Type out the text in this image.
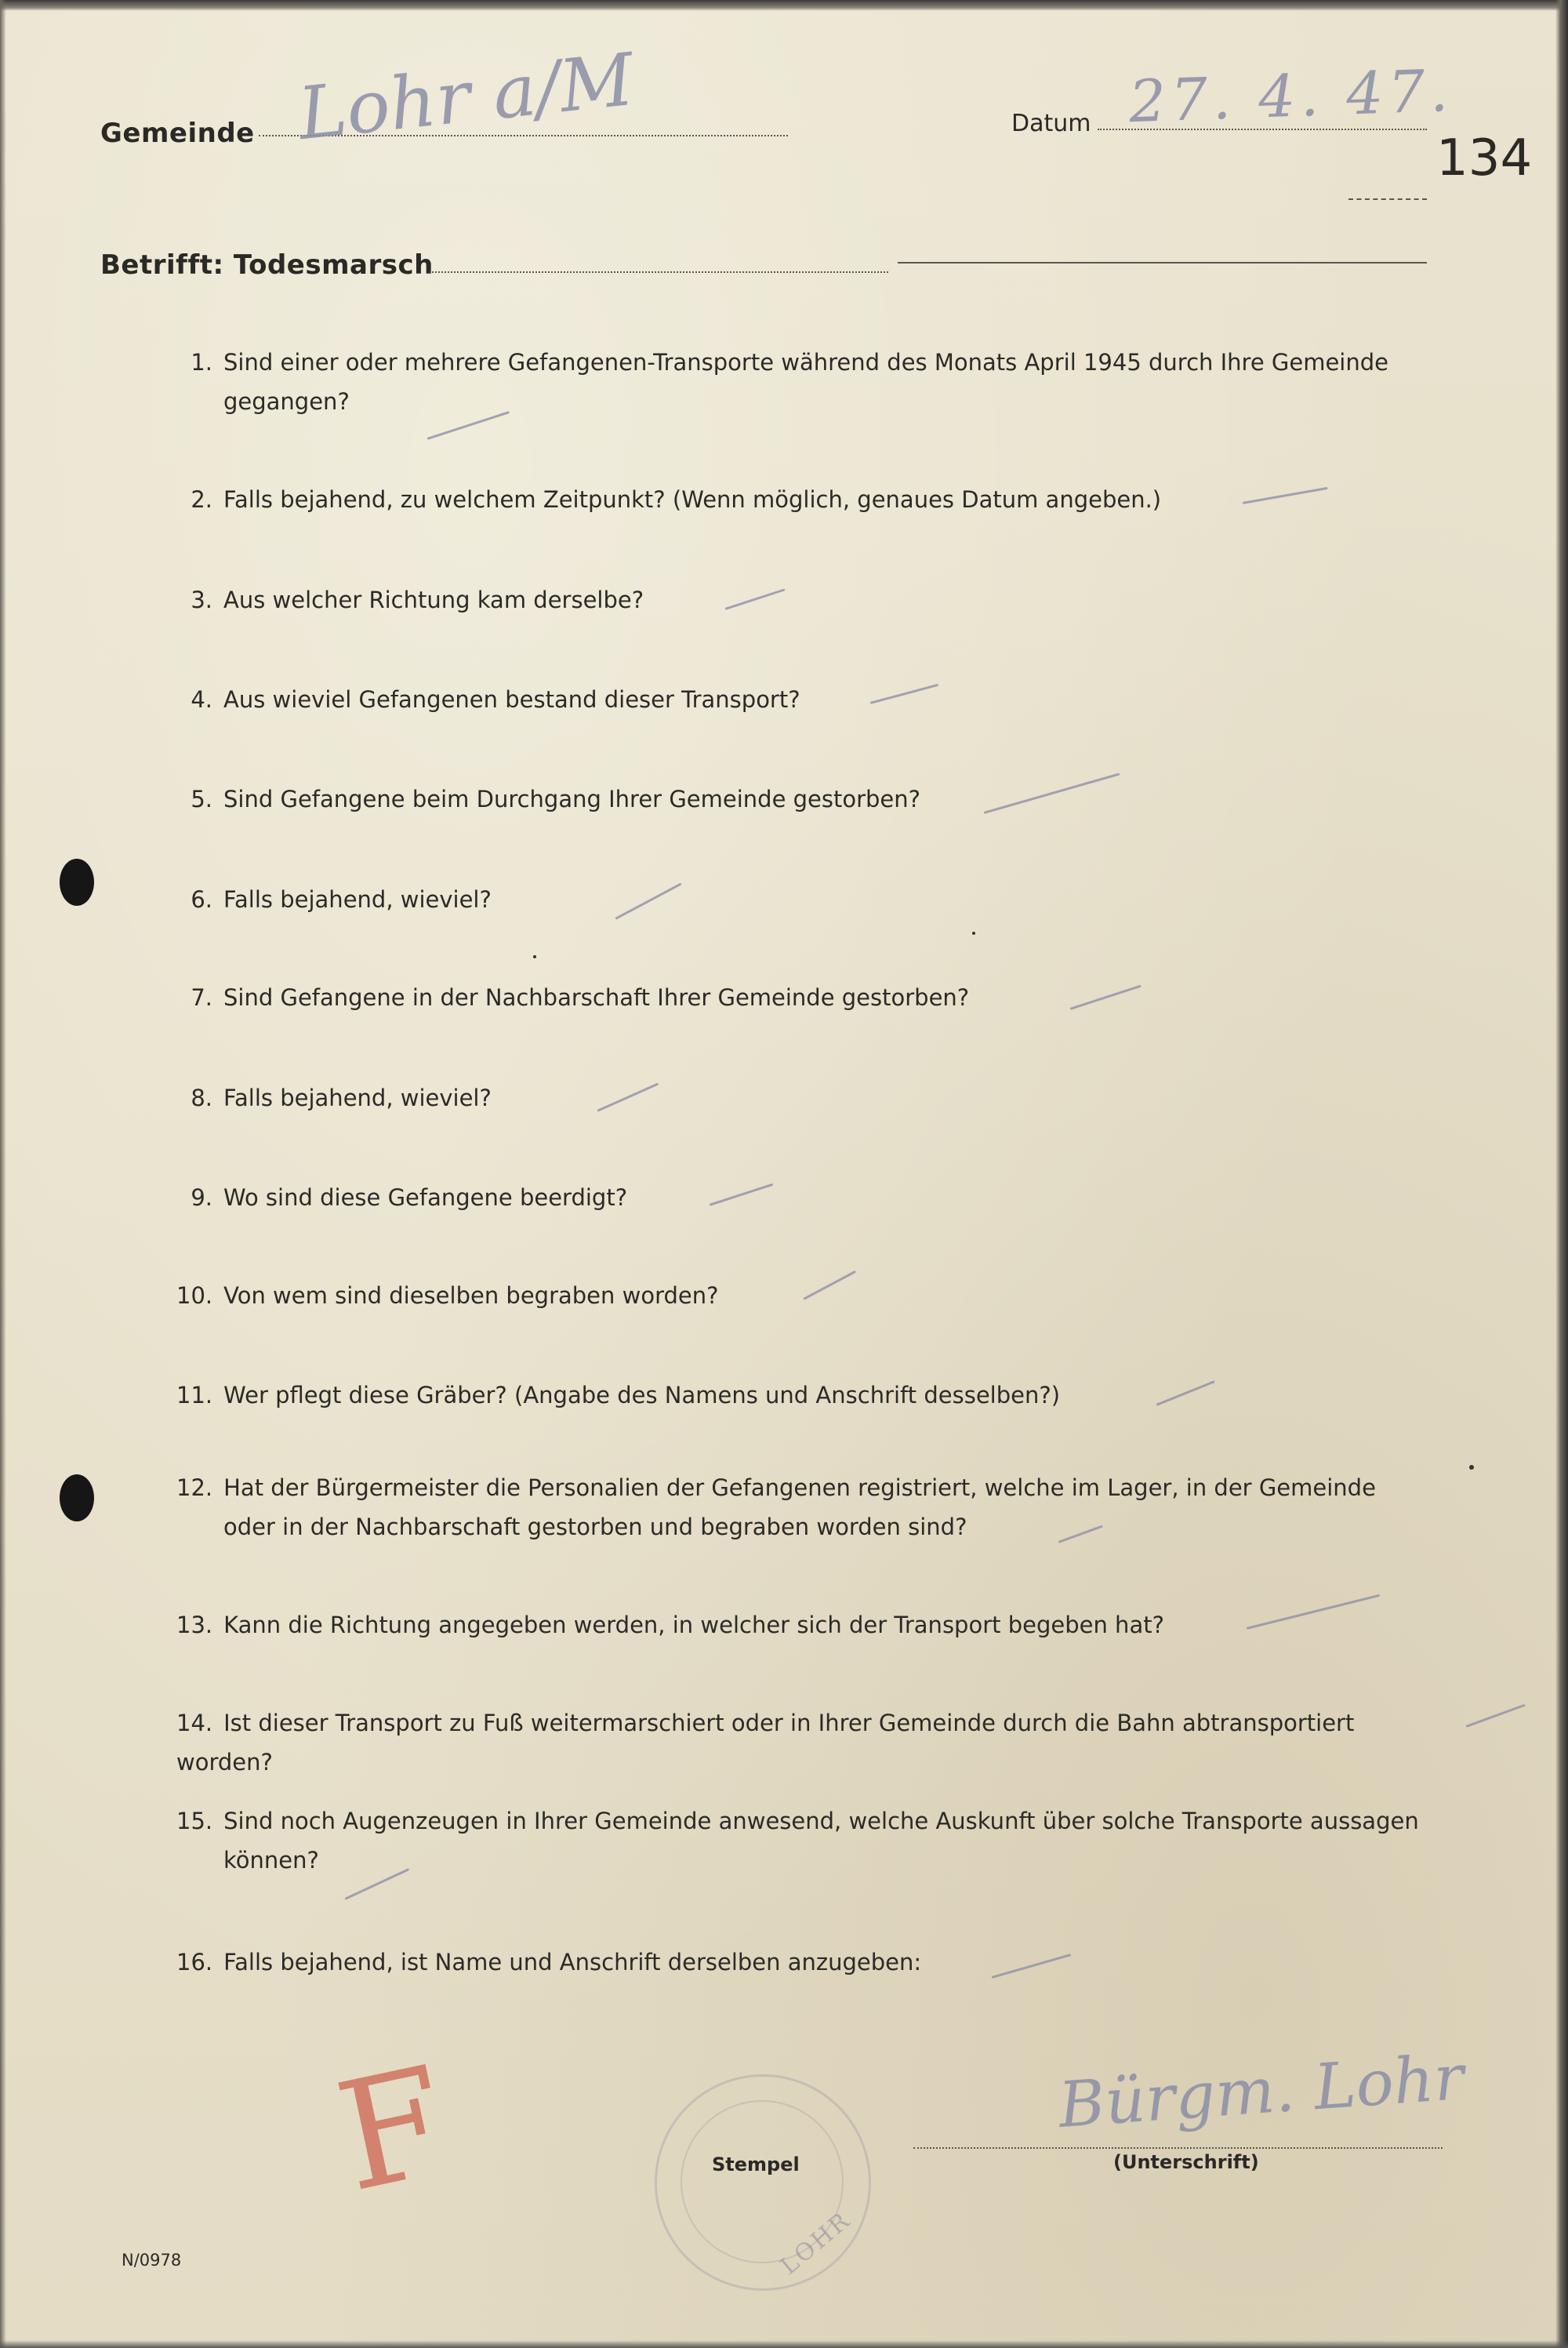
Gemeinde Lohr a/M	Datum 27. 4. 47.
134
Betrifft: Todesmarsch
1. Sind einer oder mehrere Gefangenen-Transporte während des Monats April 1945 durch Ihre Gemeinde
gegangen?
2. Falls bejahend, zu welchem Zeitpunkt? (Wenn möglich, genaues Datum angeben.)
3. Aus welcher Richtung kam derselbe?
4. Aus wieviel Gefangenen bestand dieser Transport?
5. Sind Gefangene beim Durchgang Ihrer Gemeinde gestorben?
6. Falls bejahend, wieviel?
7. Sind Gefangene in der Nachbarschaft Ihrer Gemeinde gestorben?
8. Falls bejahend, wieviel?
9. Wo sind diese Gefangene beerdigt?
10. Von wem sind dieselben begraben worden?
11. Wer pflegt diese Gräber? (Angabe des Namens und Anschrift desselben?)
12. Hat der Bürgermeister die Personalien der Gefangenen registriert, welche im Lager, in der Gemeinde
oder in der Nachbarschaft gestorben und begraben worden sind?
13. Kann die Richtung angegeben werden, in welcher sich der Transport begeben hat?
14. Ist dieser Transport zu Fuß weitermarschiert oder in Ihrer Gemeinde durch die Bahn abtransportiert worden?
15. Sind noch Augenzeugen in Ihrer Gemeinde anwesend, welche Auskunft über solche Transporte aussagen
können?
16. Falls bejahend, ist Name und Anschrift derselben anzugeben:
F
LOHR
Stempel
Bürgm. Lohr
(Unterschrift)
N/0978
